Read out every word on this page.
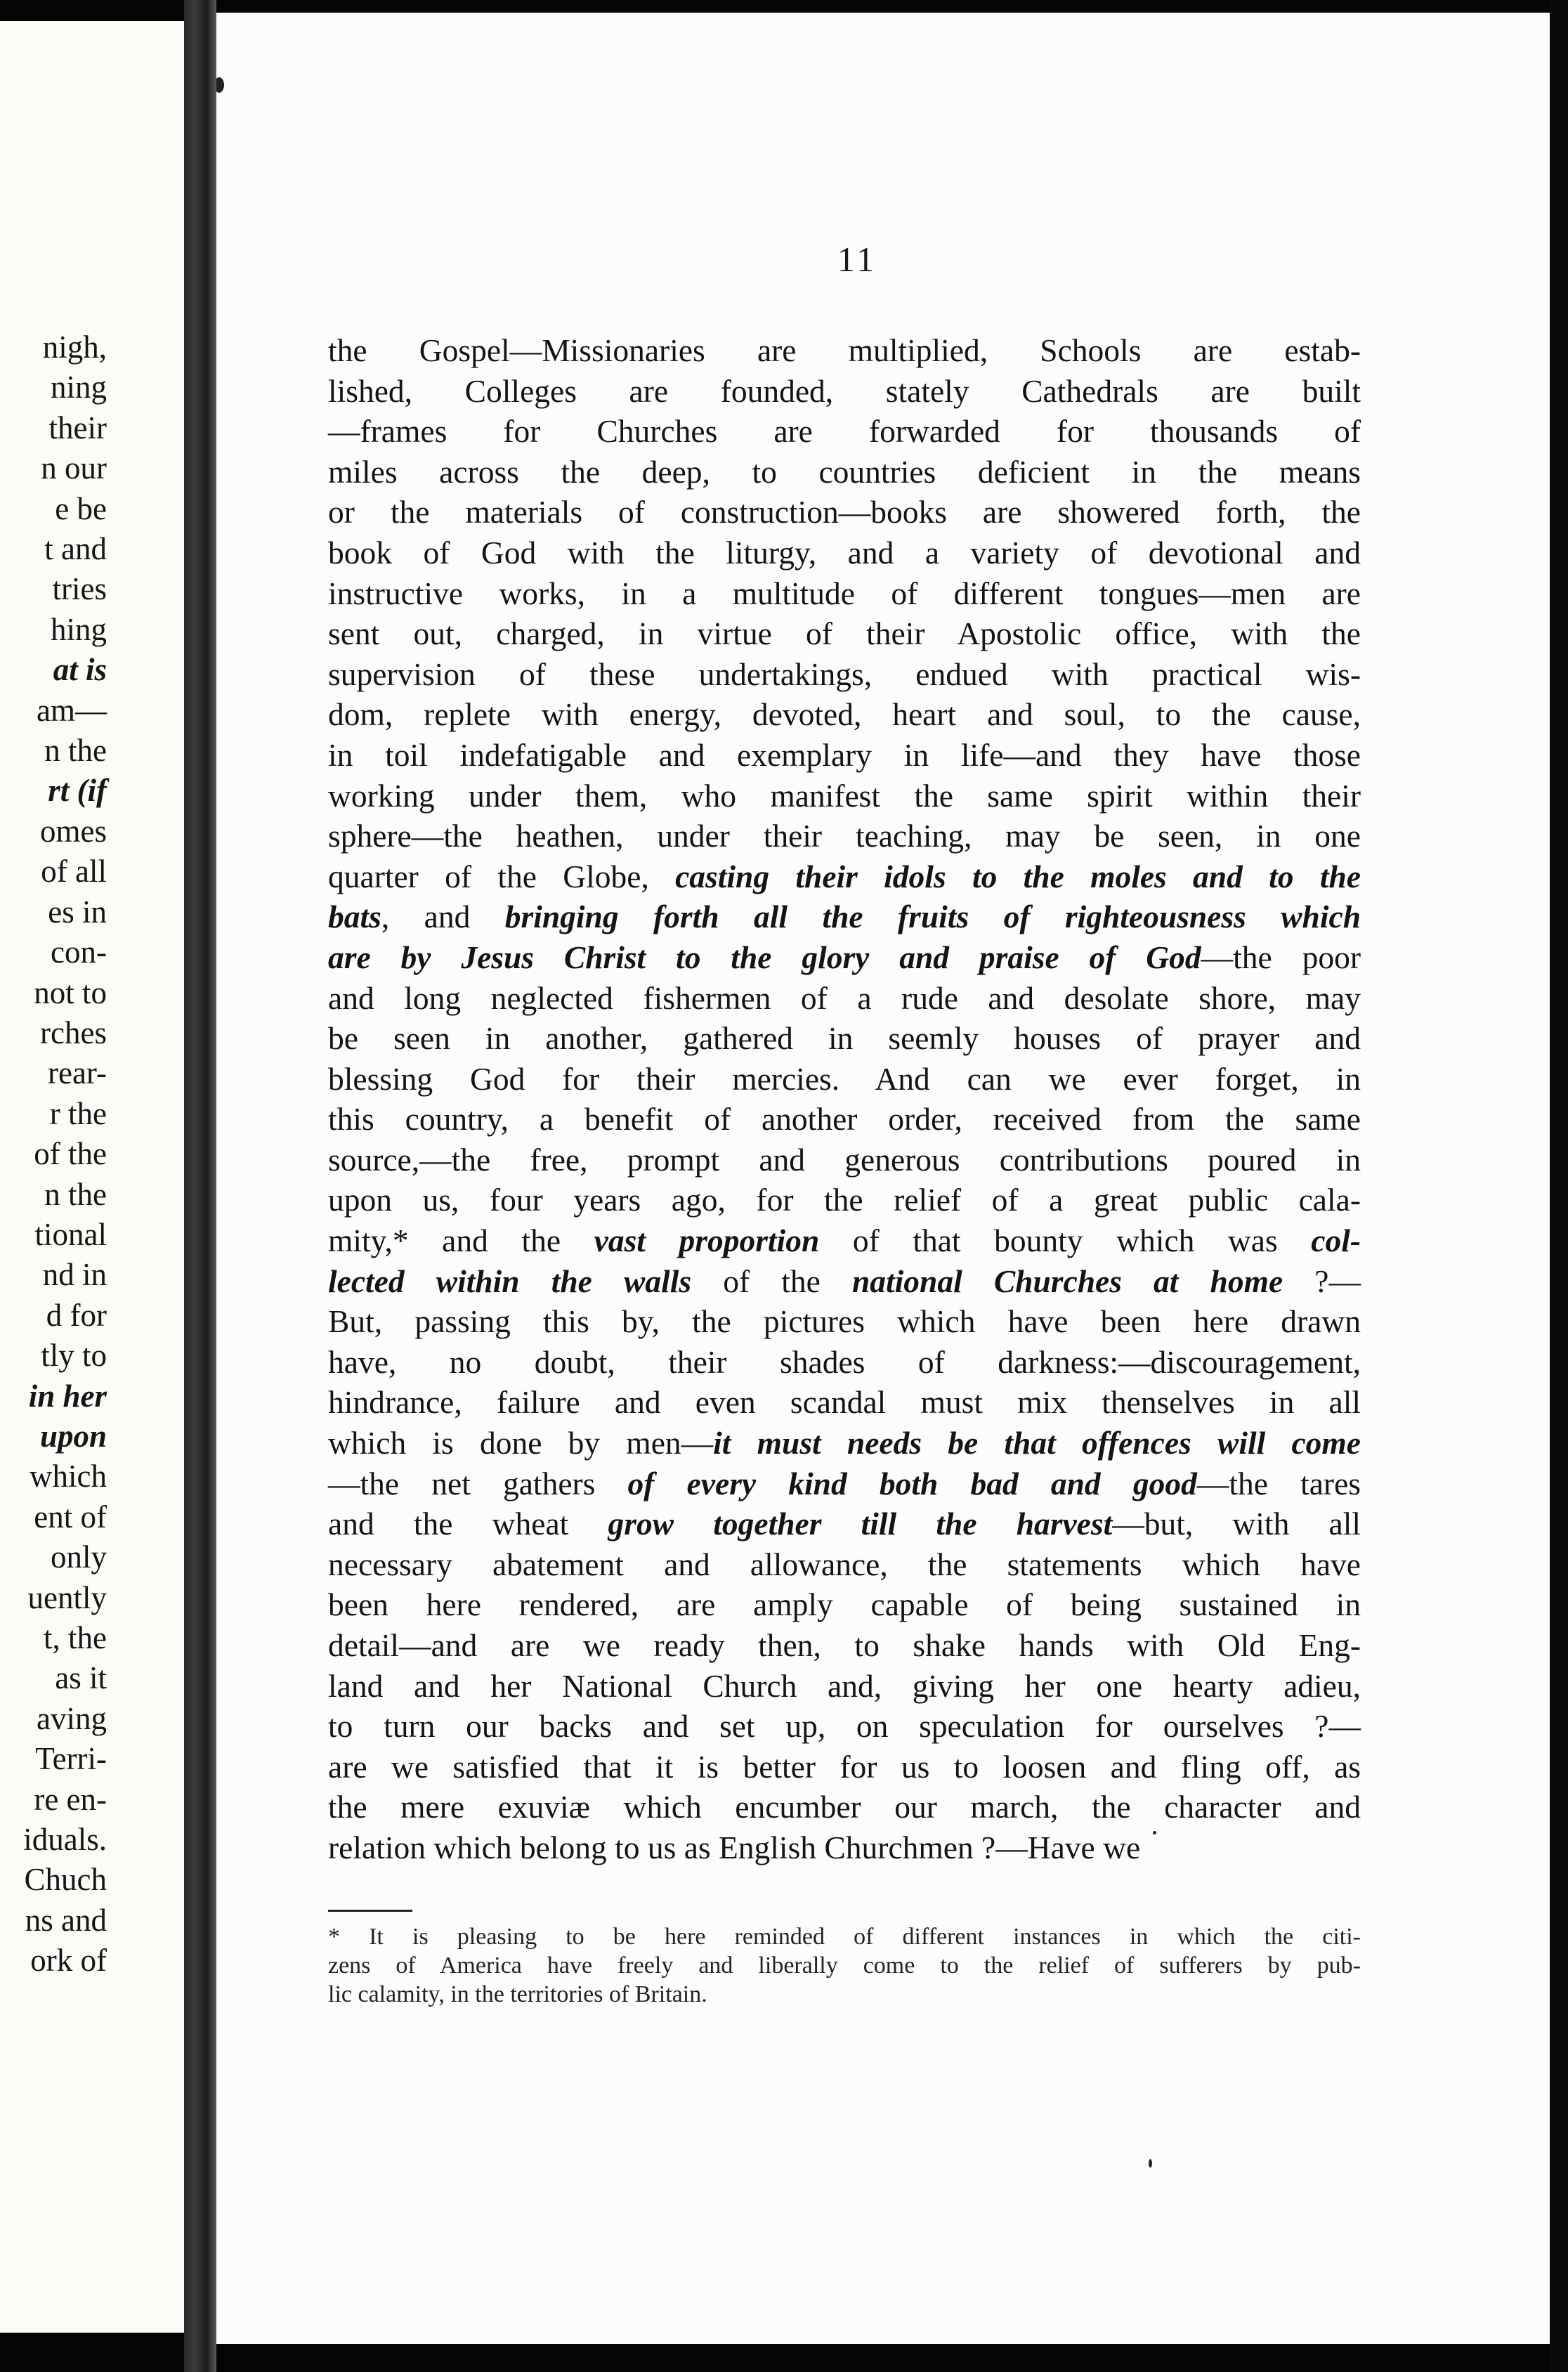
nigh,
ning
their
n our
e be
t and
tries
hing
at is
am—
n the
rt (if
omes
of all
es in
con-
not to
rches
rear-
r the
of the
n the
tional
nd in
d for
tly to
in her
upon
which
ent of
only
uently
t, the
as it
aving
Terri-
re en-
iduals.
Chuch
ns and
ork of
11
the Gospel—Missionaries are multiplied, Schools are estab-
lished, Colleges are founded, stately Cathedrals are built
—frames for Churches are forwarded for thousands of
miles across the deep, to countries deficient in the means
or the materials of construction—books are showered forth, the
book of God with the liturgy, and a variety of devotional and
instructive works, in a multitude of different tongues—men are
sent out, charged, in virtue of their Apostolic office, with the
supervision of these undertakings, endued with practical wis-
dom, replete with energy, devoted, heart and soul, to the cause,
in toil indefatigable and exemplary in life—and they have those
working under them, who manifest the same spirit within their
sphere—the heathen, under their teaching, may be seen, in one
quarter of the Globe, casting their idols to the moles and to the
bats, and bringing forth all the fruits of righteousness which
are by Jesus Christ to the glory and praise of God—the poor
and long neglected fishermen of a rude and desolate shore, may
be seen in another, gathered in seemly houses of prayer and
blessing God for their mercies. And can we ever forget, in
this country, a benefit of another order, received from the same
source,—the free, prompt and generous contributions poured in
upon us, four years ago, for the relief of a great public cala-
mity,* and the vast proportion of that bounty which was col-
lected within the walls of the national Churches at home ?—
But, passing this by, the pictures which have been here drawn
have, no doubt, their shades of darkness:—discouragement,
hindrance, failure and even scandal must mix thenselves in all
which is done by men—it must needs be that offences will come
—the net gathers of every kind both bad and good—the tares
and the wheat grow together till the harvest—but, with all
necessary abatement and allowance, the statements which have
been here rendered, are amply capable of being sustained in
detail—and are we ready then, to shake hands with Old Eng-
land and her National Church and, giving her one hearty adieu,
to turn our backs and set up, on speculation for ourselves ?—
are we satisfied that it is better for us to loosen and fling off, as
the mere exuviæ which encumber our march, the character and
relation which belong to us as English Churchmen ?—Have we
* It is pleasing to be here reminded of different instances in which the citi-
zens of America have freely and liberally come to the relief of sufferers by pub-
lic calamity, in the territories of Britain.
